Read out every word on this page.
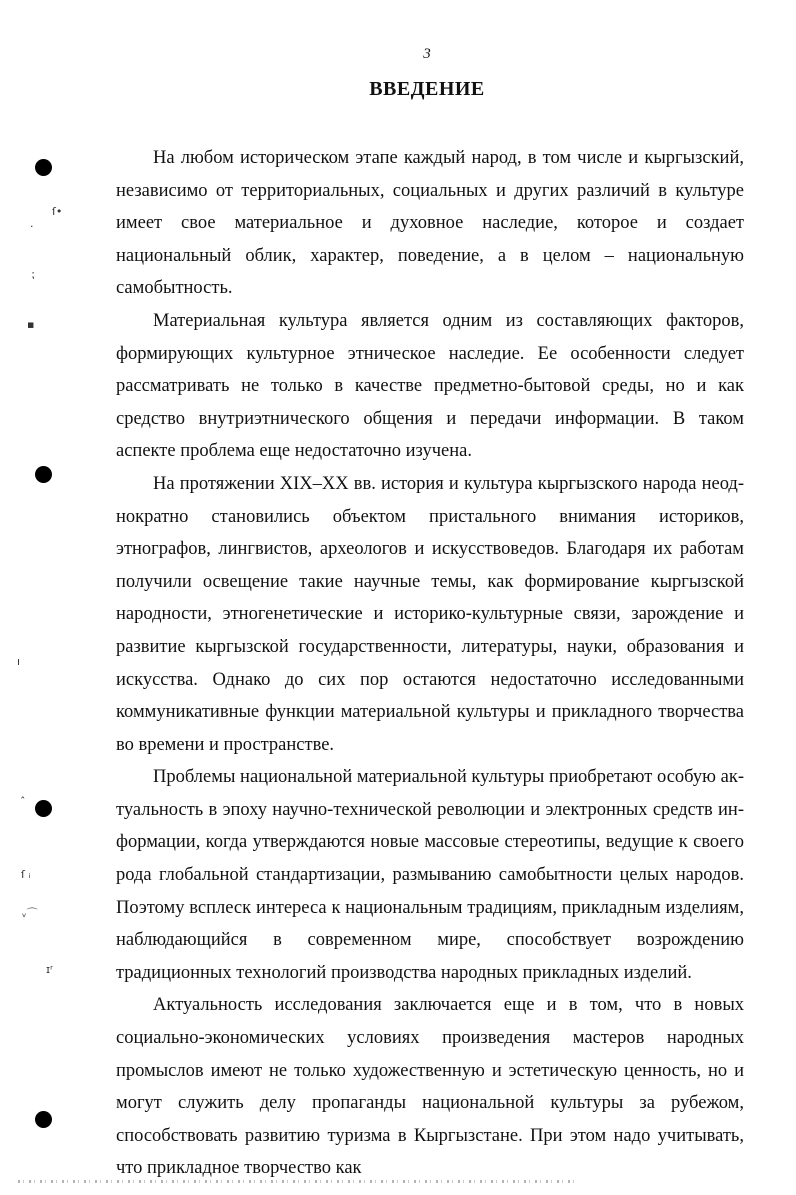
3
ВВЕДЕНИЕ

На любом историческом этапе каждый народ, в том числе и кыргызский, независимо от территориальных, социальных и других различий в культуре имеет свое материальное и духовное наследие, которое и создает национальный облик, характер, поведение, а в целом – национальную самобытность.

Материальная культура является одним из составляющих факторов, формирующих культурное этническое наследие. Ее особенности следует рассматривать не только в качестве предметно-бытовой среды, но и как средство внутриэтнического общения и передачи информации. В таком аспекте проблема еще недостаточно изучена.

На протяжении XIX–XX вв. история и культура кыргызского народа неоднократно становились объектом пристального внимания историков, этнографов, лингвистов, археологов и искусствоведов. Благодаря их работам получили освещение такие научные темы, как формирование кыргызской народности, этногенетические и историко-культурные связи, зарождение и развитие кыргызской государственности, литературы, науки, образования и искусства. Однако до сих пор остаются недостаточно исследованными коммуникативные функции материальной культуры и прикладного творчества во времени и пространстве.

Проблемы национальной материальной культуры приобретают особую актуальность в эпоху научно-технической революции и электронных средств информации, когда утверждаются новые массовые стереотипы, ведущие к своего рода глобальной стандартизации, размыванию самобытности целых народов. Поэтому всплеск интереса к национальным традициям, прикладным изделиям, наблюдающийся в современном мире, способствует возрождению традиционных технологий производства народных прикладных изделий.

Актуальность исследования заключается еще и в том, что в новых социально-экономических условиях произведения мастеров народных промыслов имеют не только художественную и эстетическую ценность, но и могут служить делу пропаганды национальной культуры за рубежом, способствовать развитию туризма в Кыргызстане. При этом надо учитывать, что прикладное творчество как

ſ•
·
⁏
▪
ı
ˆ
ſ ᵢ
ᵥ⌒
ɪʳ
